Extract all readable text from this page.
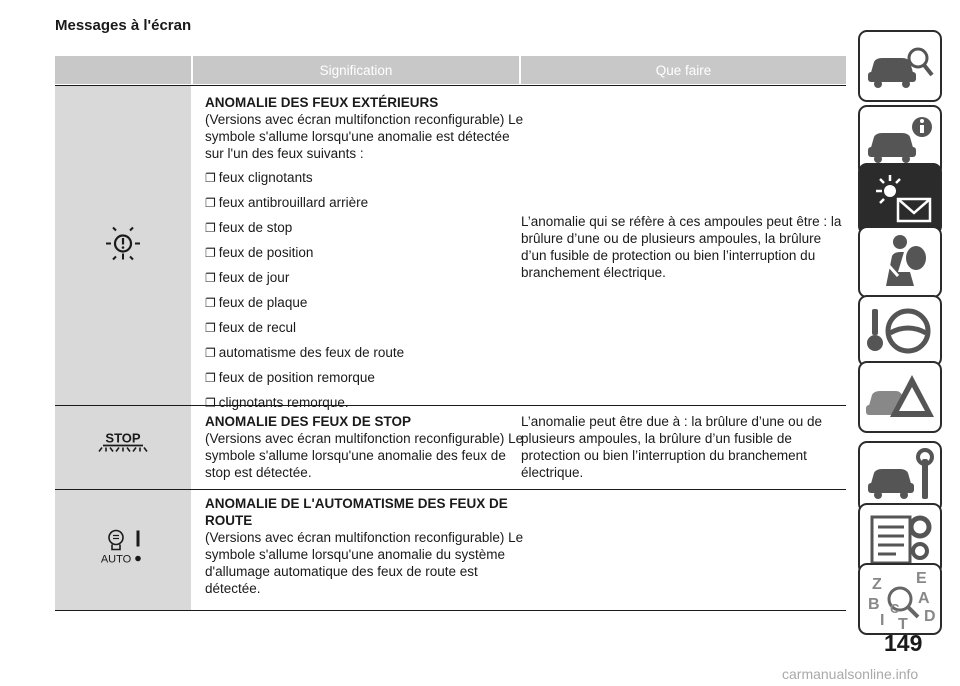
Messages à l'écran
Signification	Que faire
ANOMALIE DES FEUX EXTÉRIEURS

(Versions avec écran multifonction reconfigurable) Le symbole s'allume lorsqu'une anomalie est détectée sur l'un des feux suivants :

❐ feux clignotants
❐ feux antibrouillard arrière
❐ feux de stop
❐ feux de position
❐ feux de jour
❐ feux de plaque
❐ feux de recul
❐ automatisme des feux de route
❐ feux de position remorque
❐ clignotants remorque.
L’anomalie qui se réfère à ces ampoules peut être : la brûlure d’une ou de plusieurs ampoules, la brûlure d’un fusible de protection ou bien l’interruption du branchement électrique.
STOP
ANOMALIE DES FEUX DE STOP

(Versions avec écran multifonction reconfigurable) Le symbole s'allume lorsqu'une anomalie des feux de stop est détectée.

L’anomalie peut être due à : la brûlure d’une ou de plusieurs ampoules, la brûlure d’un fusible de protection ou bien l’interruption du branchement électrique.
AUTO
ANOMALIE DE L'AUTOMATISME DES FEUX DE ROUTE

(Versions avec écran multifonction reconfigurable) Le symbole s'allume lorsqu'une anomalie du système d'allumage automatique des feux de route est détectée.	Z E
B A
C D
I T
149
carmanualsonline.info
